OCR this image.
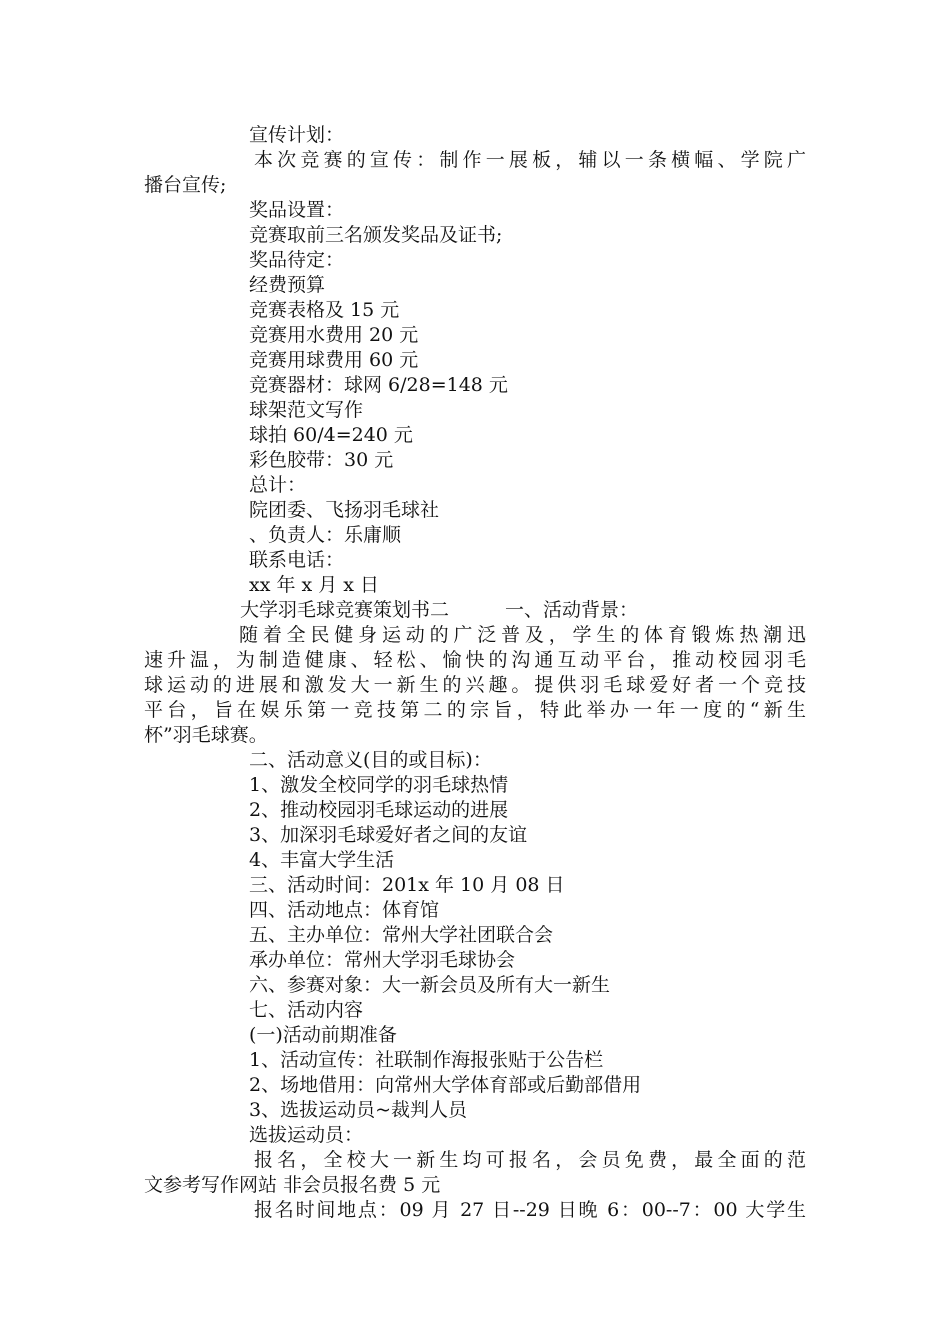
宣传计划：
本次竞赛的宣传：制作一展板，辅以一条横幅、学院广
播台宣传;
奖品设置：
竞赛取前三名颁发奖品及证书;
奖品待定：
经费预算
竞赛表格及 15 元
竞赛用水费用 20 元
竞赛用球费用 60 元
竞赛器材：球网 6/28=148 元
球架范文写作
球拍 60/4=240 元
彩色胶带：30 元
总计：
院团委、飞扬羽毛球社
、负责人：乐庸顺
联系电话：
xx 年 x 月 x 日
大学羽毛球竞赛策划书二	一、活动背景：
随着全民健身运动的广泛普及，学生的体育锻炼热潮迅
速升温，为制造健康、轻松、愉快的沟通互动平台，推动校园羽毛
球运动的进展和激发大一新生的兴趣。提供羽毛球爱好者一个竞技
平台，旨在娱乐第一竞技第二的宗旨，特此举办一年一度的“新生
杯”羽毛球赛。
二、活动意义(目的或目标)：
1、激发全校同学的羽毛球热情
2、推动校园羽毛球运动的进展
3、加深羽毛球爱好者之间的友谊
4、丰富大学生活
三、活动时间：201x 年 10 月 08 日
四、活动地点：体育馆
五、主办单位：常州大学社团联合会
承办单位：常州大学羽毛球协会
六、参赛对象：大一新会员及所有大一新生
七、活动内容
(一)活动前期准备
1、活动宣传：社联制作海报张贴于公告栏
2、场地借用：向常州大学体育部或后勤部借用
3、选拔运动员~裁判人员
选拔运动员：
报名，全校大一新生均可报名，会员免费，最全面的范
文参考写作网站 非会员报名费 5 元
报名时间地点：09 月 27 日--29 日晚 6：00--7：00 大学生
